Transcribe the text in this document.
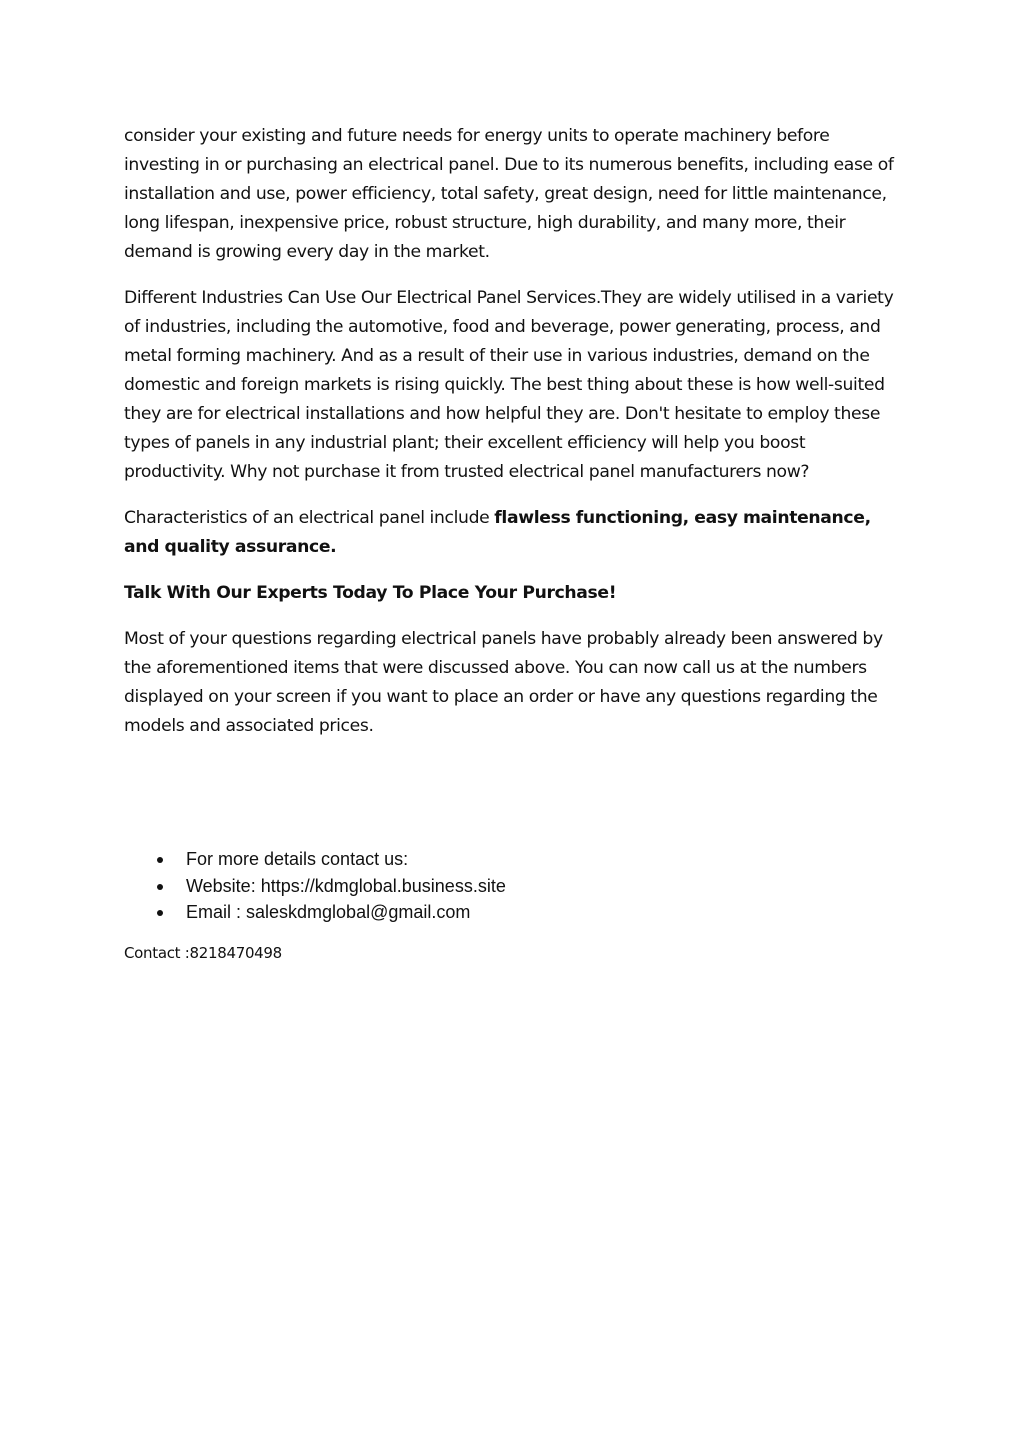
consider your existing and future needs for energy units to operate machinery before investing in or purchasing an electrical panel. Due to its numerous benefits, including ease of installation and use, power efficiency, total safety, great design, need for little maintenance, long lifespan, inexpensive price, robust structure, high durability, and many more, their demand is growing every day in the market.

Different Industries Can Use Our Electrical Panel Services.They are widely utilised in a variety of industries, including the automotive, food and beverage, power generating, process, and metal forming machinery. And as a result of their use in various industries, demand on the domestic and foreign markets is rising quickly. The best thing about these is how well-suited they are for electrical installations and how helpful they are. Don't hesitate to employ these types of panels in any industrial plant; their excellent efficiency will help you boost productivity. Why not purchase it from trusted electrical panel manufacturers now?

Characteristics of an electrical panel include flawless functioning, easy maintenance, and quality assurance.

Talk With Our Experts Today To Place Your Purchase!

Most of your questions regarding electrical panels have probably already been answered by the aforementioned items that were discussed above. You can now call us at the numbers displayed on your screen if you want to place an order or have any questions regarding the models and associated prices.

For more details contact us:
Website: https://kdmglobal.business.site
Email : saleskdmglobal@gmail.com

Contact :8218470498
